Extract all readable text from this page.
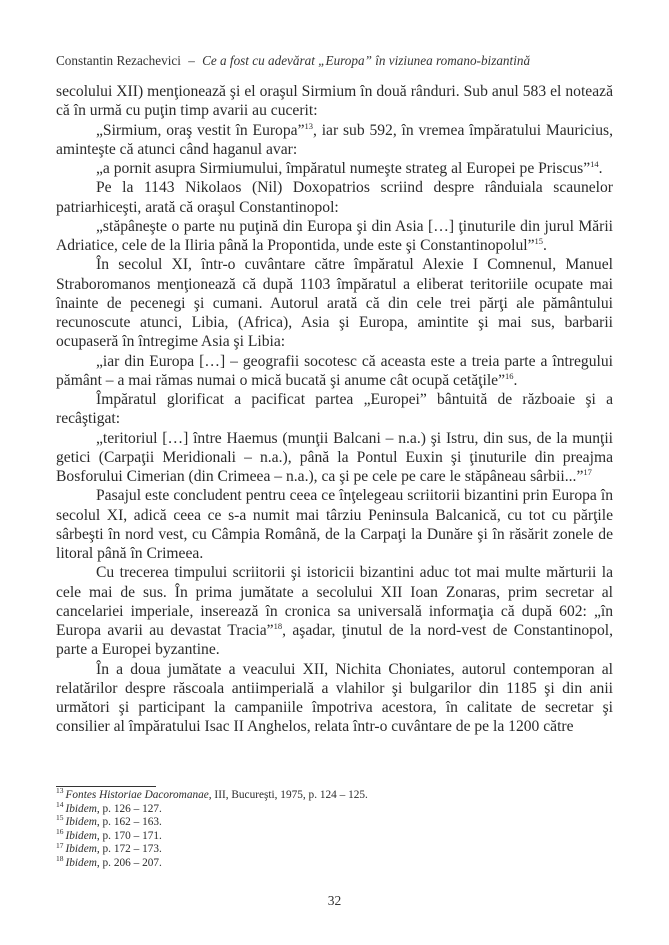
Constantin Rezachevici – Ce a fost cu adevărat „Europa” în viziunea romano-bizantină

secolului XII) menţionează şi el oraşul Sirmium în două rânduri. Sub anul 583 el notează că în urmă cu puţin timp avarii au cucerit:

„Sirmium, oraş vestit în Europa”$^{13}$, iar sub 592, în vremea împăratului Mauricius, aminteşte că atunci când haganul avar:

„a pornit asupra Sirmiumului, împăratul numeşte strateg al Europei pe Priscus”$^{14}$.

Pe la 1143 Nikolaos (Nil) Doxopatrios scriind despre rânduiala scaunelor patriarhiceşti, arată că oraşul Constantinopol:

„stăpâneşte o parte nu puţină din Europa şi din Asia […] ţinuturile din jurul Mării Adriatice, cele de la Iliria până la Propontida, unde este şi Constantinopolul”$^{15}$.

În secolul XI, într-o cuvântare către împăratul Alexie I Comnenul, Manuel Straboromanos menţionează că după 1103 împăratul a eliberat teritoriile ocupate mai înainte de pecenegi şi cumani. Autorul arată că din cele trei părţi ale pământului recunoscute atunci, Libia, (Africa), Asia şi Europa, amintite şi mai sus, barbarii ocupaseră în întregime Asia şi Libia:

„iar din Europa […] – geografii socotesc că aceasta este a treia parte a întregului pământ – a mai rămas numai o mică bucată şi anume cât ocupă cetăţile”$^{16}$.

Împăratul glorificat a pacificat partea „Europei” bântuită de războaie şi a recâştigat:

„teritoriul […] între Haemus (munţii Balcani – n.a.) şi Istru, din sus, de la munţii getici (Carpaţii Meridionali – n.a.), până la Pontul Euxin şi ţinuturile din preajma Bosforului Cimerian (din Crimeea – n.a.), ca şi pe cele pe care le stăpâneau sârbii...”$^{17}$

Pasajul este concludent pentru ceea ce înţelegeau scriitorii bizantini prin Europa în secolul XI, adică ceea ce s-a numit mai târziu Peninsula Balcanică, cu tot cu părţile sârbeşti în nord vest, cu Câmpia Română, de la Carpaţi la Dunăre şi în răsărit zonele de litoral până în Crimeea.

Cu trecerea timpului scriitorii şi istoricii bizantini aduc tot mai multe mărturii la cele mai de sus. În prima jumătate a secolului XII Ioan Zonaras, prim secretar al cancelariei imperiale, inserează în cronica sa universală informaţia că după 602: „în Europa avarii au devastat Tracia”$^{18}$, aşadar, ţinutul de la nord-vest de Constantinopol, parte a Europei byzantine.

În a doua jumătate a veacului XII, Nichita Choniates, autorul contemporan al relatărilor despre răscoala antiimperială a vlahilor şi bulgarilor din 1185 şi din anii următori şi participant la campaniile împotriva acestora, în calitate de secretar şi consilier al împăratului Isac II Anghelos, relata într-o cuvântare de pe la 1200 către

$^{13}$ Fontes Historiae Dacoromanae, III, Bucureşti, 1975, p. 124 – 125.

$^{14}$ Ibidem, p. 126 – 127.

$^{15}$ Ibidem, p. 162 – 163.

$^{16}$ Ibidem, p. 170 – 171.

$^{17}$ Ibidem, p. 172 – 173.

$^{18}$ Ibidem, p. 206 – 207.

32
